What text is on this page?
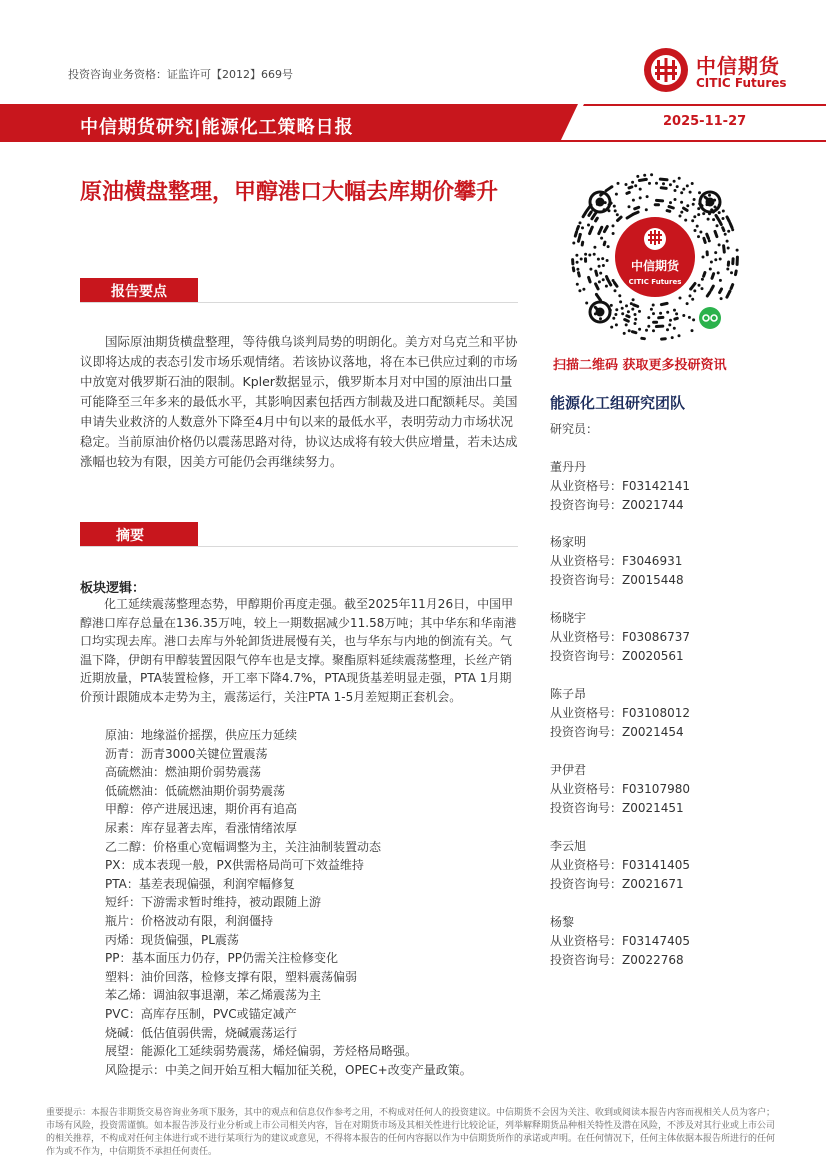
投资咨询业务资格：证监许可【2012】669号	中信期货
CITIC Futures
中信期货研究|能源化工策略日报	2025-11-27
原油横盘整理，甲醇港口大幅去库期价攀升
报告要点
国际原油期货横盘整理，等待俄乌谈判局势的明朗化。美方对乌克兰和平协议即将达成的表态引发市场乐观情绪。若该协议落地，将在本已供应过剩的市场中放宽对俄罗斯石油的限制。Kpler数据显示，俄罗斯本月对中国的原油出口量可能降至三年多来的最低水平，其影响因素包括西方制裁及进口配额耗尽。美国申请失业救济的人数意外下降至4月中旬以来的最低水平，表明劳动力市场状况稳定。当前原油价格仍以震荡思路对待，协议达成将有较大供应增量，若未达成涨幅也较为有限，因美方可能仍会再继续努力。
摘要
板块逻辑：
化工延续震荡整理态势，甲醇期价再度走强。截至2025年11月26日，中国甲醇港口库存总量在136.35万吨，较上一期数据减少11.58万吨；其中华东和华南港口均实现去库。港口去库与外轮卸货进展慢有关，也与华东与内地的倒流有关。气温下降，伊朗有甲醇装置因限气停车也是支撑。聚酯原料延续震荡整理，长丝产销近期放量，PTA装置检修，开工率下降4.7%，PTA现货基差明显走强，PTA 1月期价预计跟随成本走势为主，震荡运行，关注PTA 1-5月差短期正套机会。
原油：地缘溢价摇摆，供应压力延续
沥青：沥青3000关键位置震荡
高硫燃油：燃油期价弱势震荡
低硫燃油：低硫燃油期价弱势震荡
甲醇：停产进展迅速，期价再有追高
尿素：库存显著去库，看涨情绪浓厚
乙二醇：价格重心宽幅调整为主，关注油制装置动态
PX：成本表现一般，PX供需格局尚可下效益维持
PTA：基差表现偏强，利润窄幅修复
短纤：下游需求暂时维持，被动跟随上游
瓶片：价格波动有限，利润僵持
丙烯：现货偏强，PL震荡
PP：基本面压力仍存，PP仍需关注检修变化
塑料：油价回落，检修支撑有限，塑料震荡偏弱
苯乙烯：调油叙事退潮，苯乙烯震荡为主
PVC：高库存压制，PVC或锚定减产
烧碱：低估值弱供需，烧碱震荡运行
展望：能源化工延续弱势震荡，烯烃偏弱，芳烃格局略强。
风险提示：中美之间开始互相大幅加征关税，OPEC+改变产量政策。
中信期货
CITIC Futures
扫描二维码 获取更多投研资讯
能源化工组研究团队
研究员：
董丹丹
从业资格号：F03142141
投资咨询号：Z0021744
杨家明
从业资格号：F3046931
投资咨询号：Z0015448
杨晓宇
从业资格号：F03086737
投资咨询号：Z0020561
陈子昂
从业资格号：F03108012
投资咨询号：Z0021454
尹伊君
从业资格号：F03107980
投资咨询号：Z0021451
李云旭
从业资格号：F03141405
投资咨询号：Z0021671
杨黎
从业资格号：F03147405
投资咨询号：Z0022768
重要提示：本报告非期货交易咨询业务项下服务，其中的观点和信息仅作参考之用，不构成对任何人的投资建议。中信期货不会因为关注、收到或阅读本报告内容而视相关人员为客户；市场有风险，投资需谨慎。如本报告涉及行业分析或上市公司相关内容，旨在对期货市场及其相关性进行比较论证，列举解释期货品种相关特性及潜在风险，不涉及对其行业或上市公司的相关推荐，不构成对任何主体进行或不进行某项行为的建议或意见，不得将本报告的任何内容据以作为中信期货所作的承诺或声明。在任何情况下，任何主体依据本报告所进行的任何作为或不作为，中信期货不承担任何责任。
